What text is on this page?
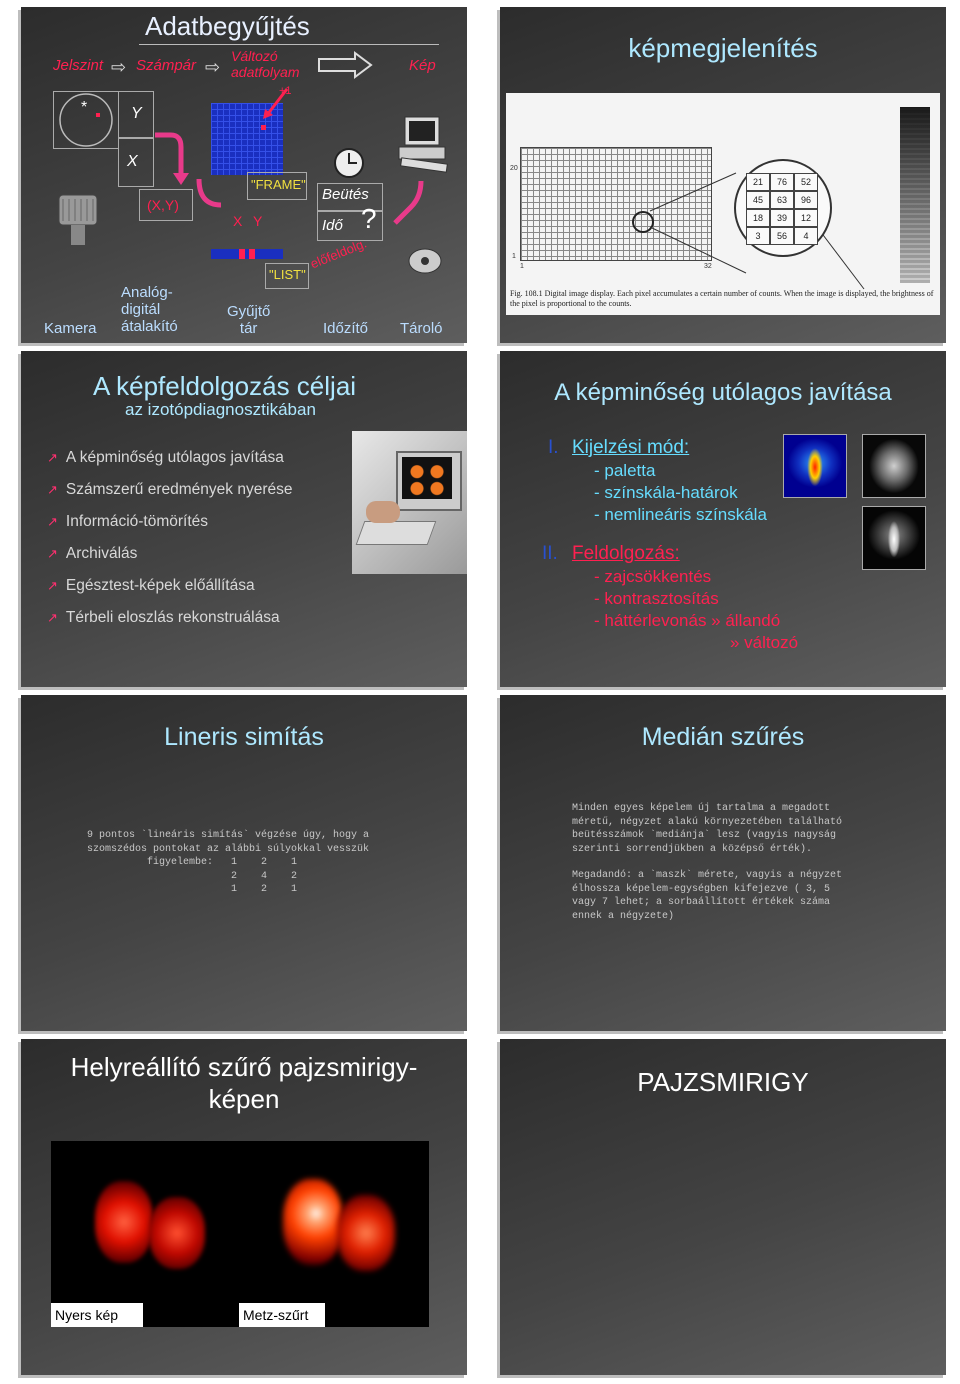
Adatbegyűjtés
Jelszint ⇨ Számpár ⇨
Változó adatfolyam	Kép
*	Y
X
(X,Y)
+1
"FRAME"
X Y
"LIST"
Beütés
Idő ?
előfeldolg.
Kamera
Analóg-
digitál
átalakító
Gyűjtő
tár	Időzítő Tároló
képmegjelenítés
20
1
1	32
21	76	52
45	63	96
18	39	12
3	56	4
Fig. 108.1 Digital image display. Each pixel accumulates a certain number of counts. When the image is displayed, the brightness of the pixel is proportional to the counts.
A képfeldolgozás céljai
az izotópdiagnosztikában
↗ A képminőség utólagos javítása
↗ Számszerű eredmények nyerése
↗ Információ-tömörítés
↗ Archiválás
↗ Egésztest-képek előállítása
↗ Térbeli eloszlás rekonstruálása
A képminőség utólagos javítása
I. Kijelzési mód:
- paletta
- színskála-határok
- nemlineáris színskála
II. Feldolgozás:
- zajcsökkentés
- kontrasztosítás
- háttérlevonás » állandó
» változó
Lineris simítás
9 pontos `lineáris simítás` végzése úgy, hogy a
szomszédos pontokat az alábbi súlyokkal vesszük
figyelembe:   1    2    1
2    4    2
1    2    1
Medián szűrés
Minden egyes képelem új tartalma a megadott
méretű, négyzet alakú környezetében található
beütésszámok `mediánja` lesz (vagyis nagyság
szerinti sorrendjükben a középső érték).
Megadandó: a `maszk` mérete, vagyis a négyzet
élhossza képelem-egységben kifejezve ( 3, 5
vagy 7 lehet; a sorbaállított értékek száma
ennek a négyzete)
Helyreállító szűrő pajzsmirigy-
képen
Nyers kép ÷	Metz-szűrt ÷
PAJZSMIRIGY
